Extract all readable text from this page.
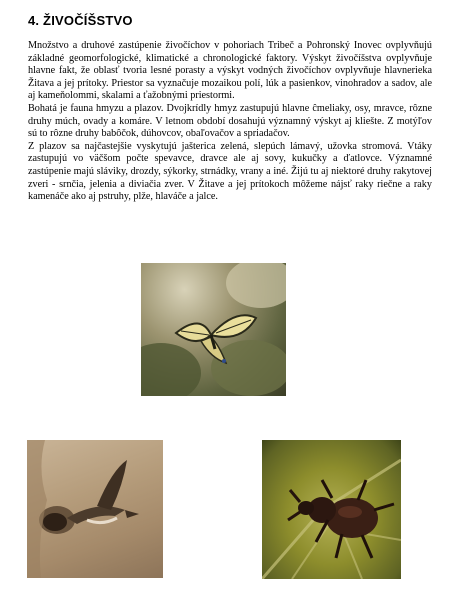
4. ŽIVOČÍŠSTVO

Množstvo a druhové zastúpenie živočíchov v pohoriach Tribeč a Pohronský Inovec ovplyvňujú základné geomorfologické, klimatické a chronologické faktory. Výskyt živočíšstva ovplyvňuje hlavne fakt, že oblasť tvoria lesné porasty a výskyt vodných živočíchov ovplyvňuje hlavnerieka Žitava a jej prítoky. Priestor sa vyznačuje mozaikou polí, lúk a pasienkov, vinohradov a sadov, ale aj kameňolommi, skalami a ťažobnými priestormi.

Bohatá je fauna hmyzu a plazov. Dvojkrídly hmyz zastupujú hlavne ĉmeliaky, osy, mravce, rôzne druhy múch, ovady a komáre. V letnom období dosahujú významný výskyt aj kliešte. Z motýľov sú to rôzne druhy babôčok, dúhovcov, obaľovačov a spriadačov.

Z plazov sa najčastejšie vyskytujú jašterica zelená, slepúch lámavý, užovka stromová. Vtáky zastupujú vo väčšom počte spevavce, dravce ale aj sovy, kukučky a ďatlovce. Významné zastúpenie majú sláviky, drozdy, sýkorky, strnádky, vrany a iné. Žijú tu aj niektoré druhy rakytovej zveri - srnčia, jelenia a diviačia zver. V Žitave a jej prítokoch môžeme nájsť raky riečne a raky kamenáče ako aj pstruhy, plže, hlaváče a jalce.
